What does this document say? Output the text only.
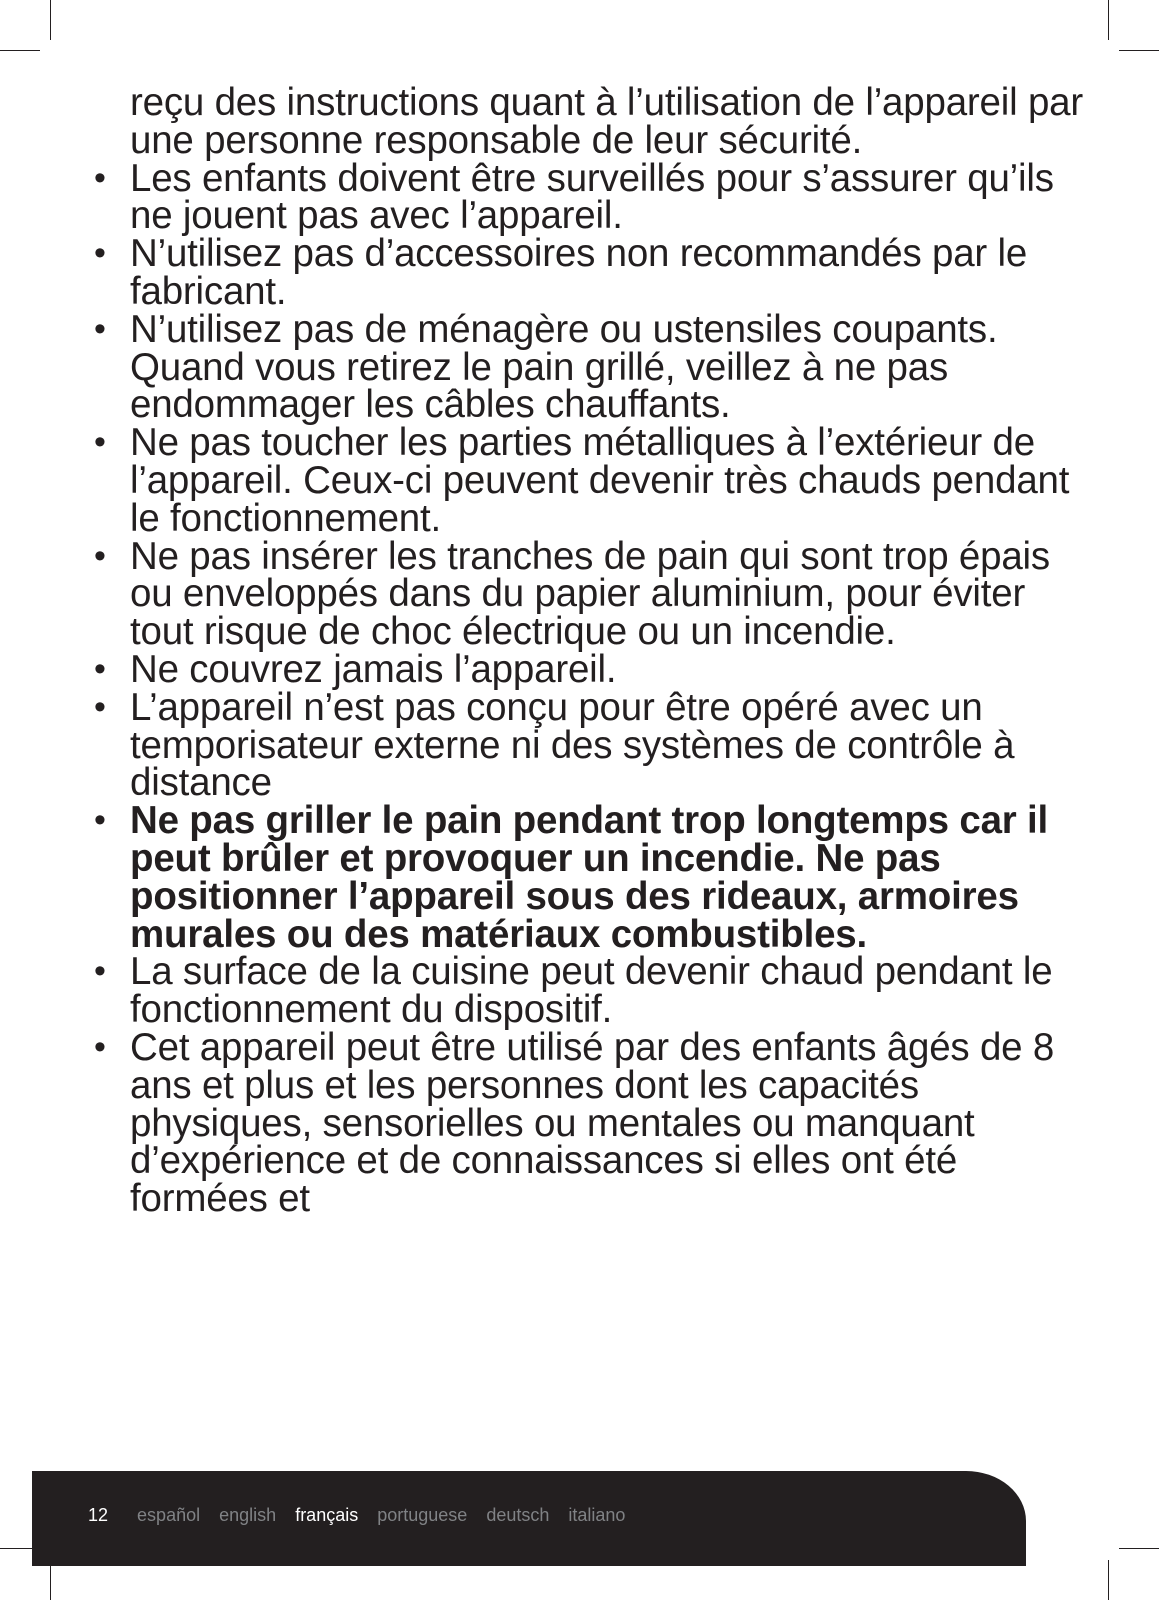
reçu des instructions quant à l’utilisation de l’appareil par une personne responsable de leur sécurité.

• Les enfants doivent être surveillés pour s’assurer qu’ils ne jouent pas avec l’appareil.
• N’utilisez pas d’accessoires non recommandés par le fabricant.
• N’utilisez pas de ménagère ou ustensiles coupants. Quand vous retirez le pain grillé, veillez à ne pas endommager les câbles chauffants.
• Ne pas toucher les parties métalliques à l’extérieur de l’appareil. Ceux-ci peuvent devenir très chauds pendant le fonctionnement.
• Ne pas insérer les tranches de pain qui sont trop épais ou enveloppés dans du papier aluminium, pour éviter tout risque de choc électrique ou un incendie.
• Ne couvrez jamais l’appareil.
• L’appareil n’est pas conçu pour être opéré avec un temporisateur externe ni des systèmes de contrôle à distance
• Ne pas griller le pain pendant trop longtemps car il peut brûler et provoquer un incendie. Ne pas positionner l’appareil sous des rideaux, armoires murales ou des matériaux combustibles.
• La surface de la cuisine peut devenir chaud pendant le fonctionnement du dispositif.
• Cet appareil peut être utilisé par des enfants âgés de 8 ans et plus et les personnes dont les capacités physiques, sensorielles ou mentales ou manquant d’expérience et de connaissances si elles ont été formées et
12 español english français portuguese deutsch italiano
